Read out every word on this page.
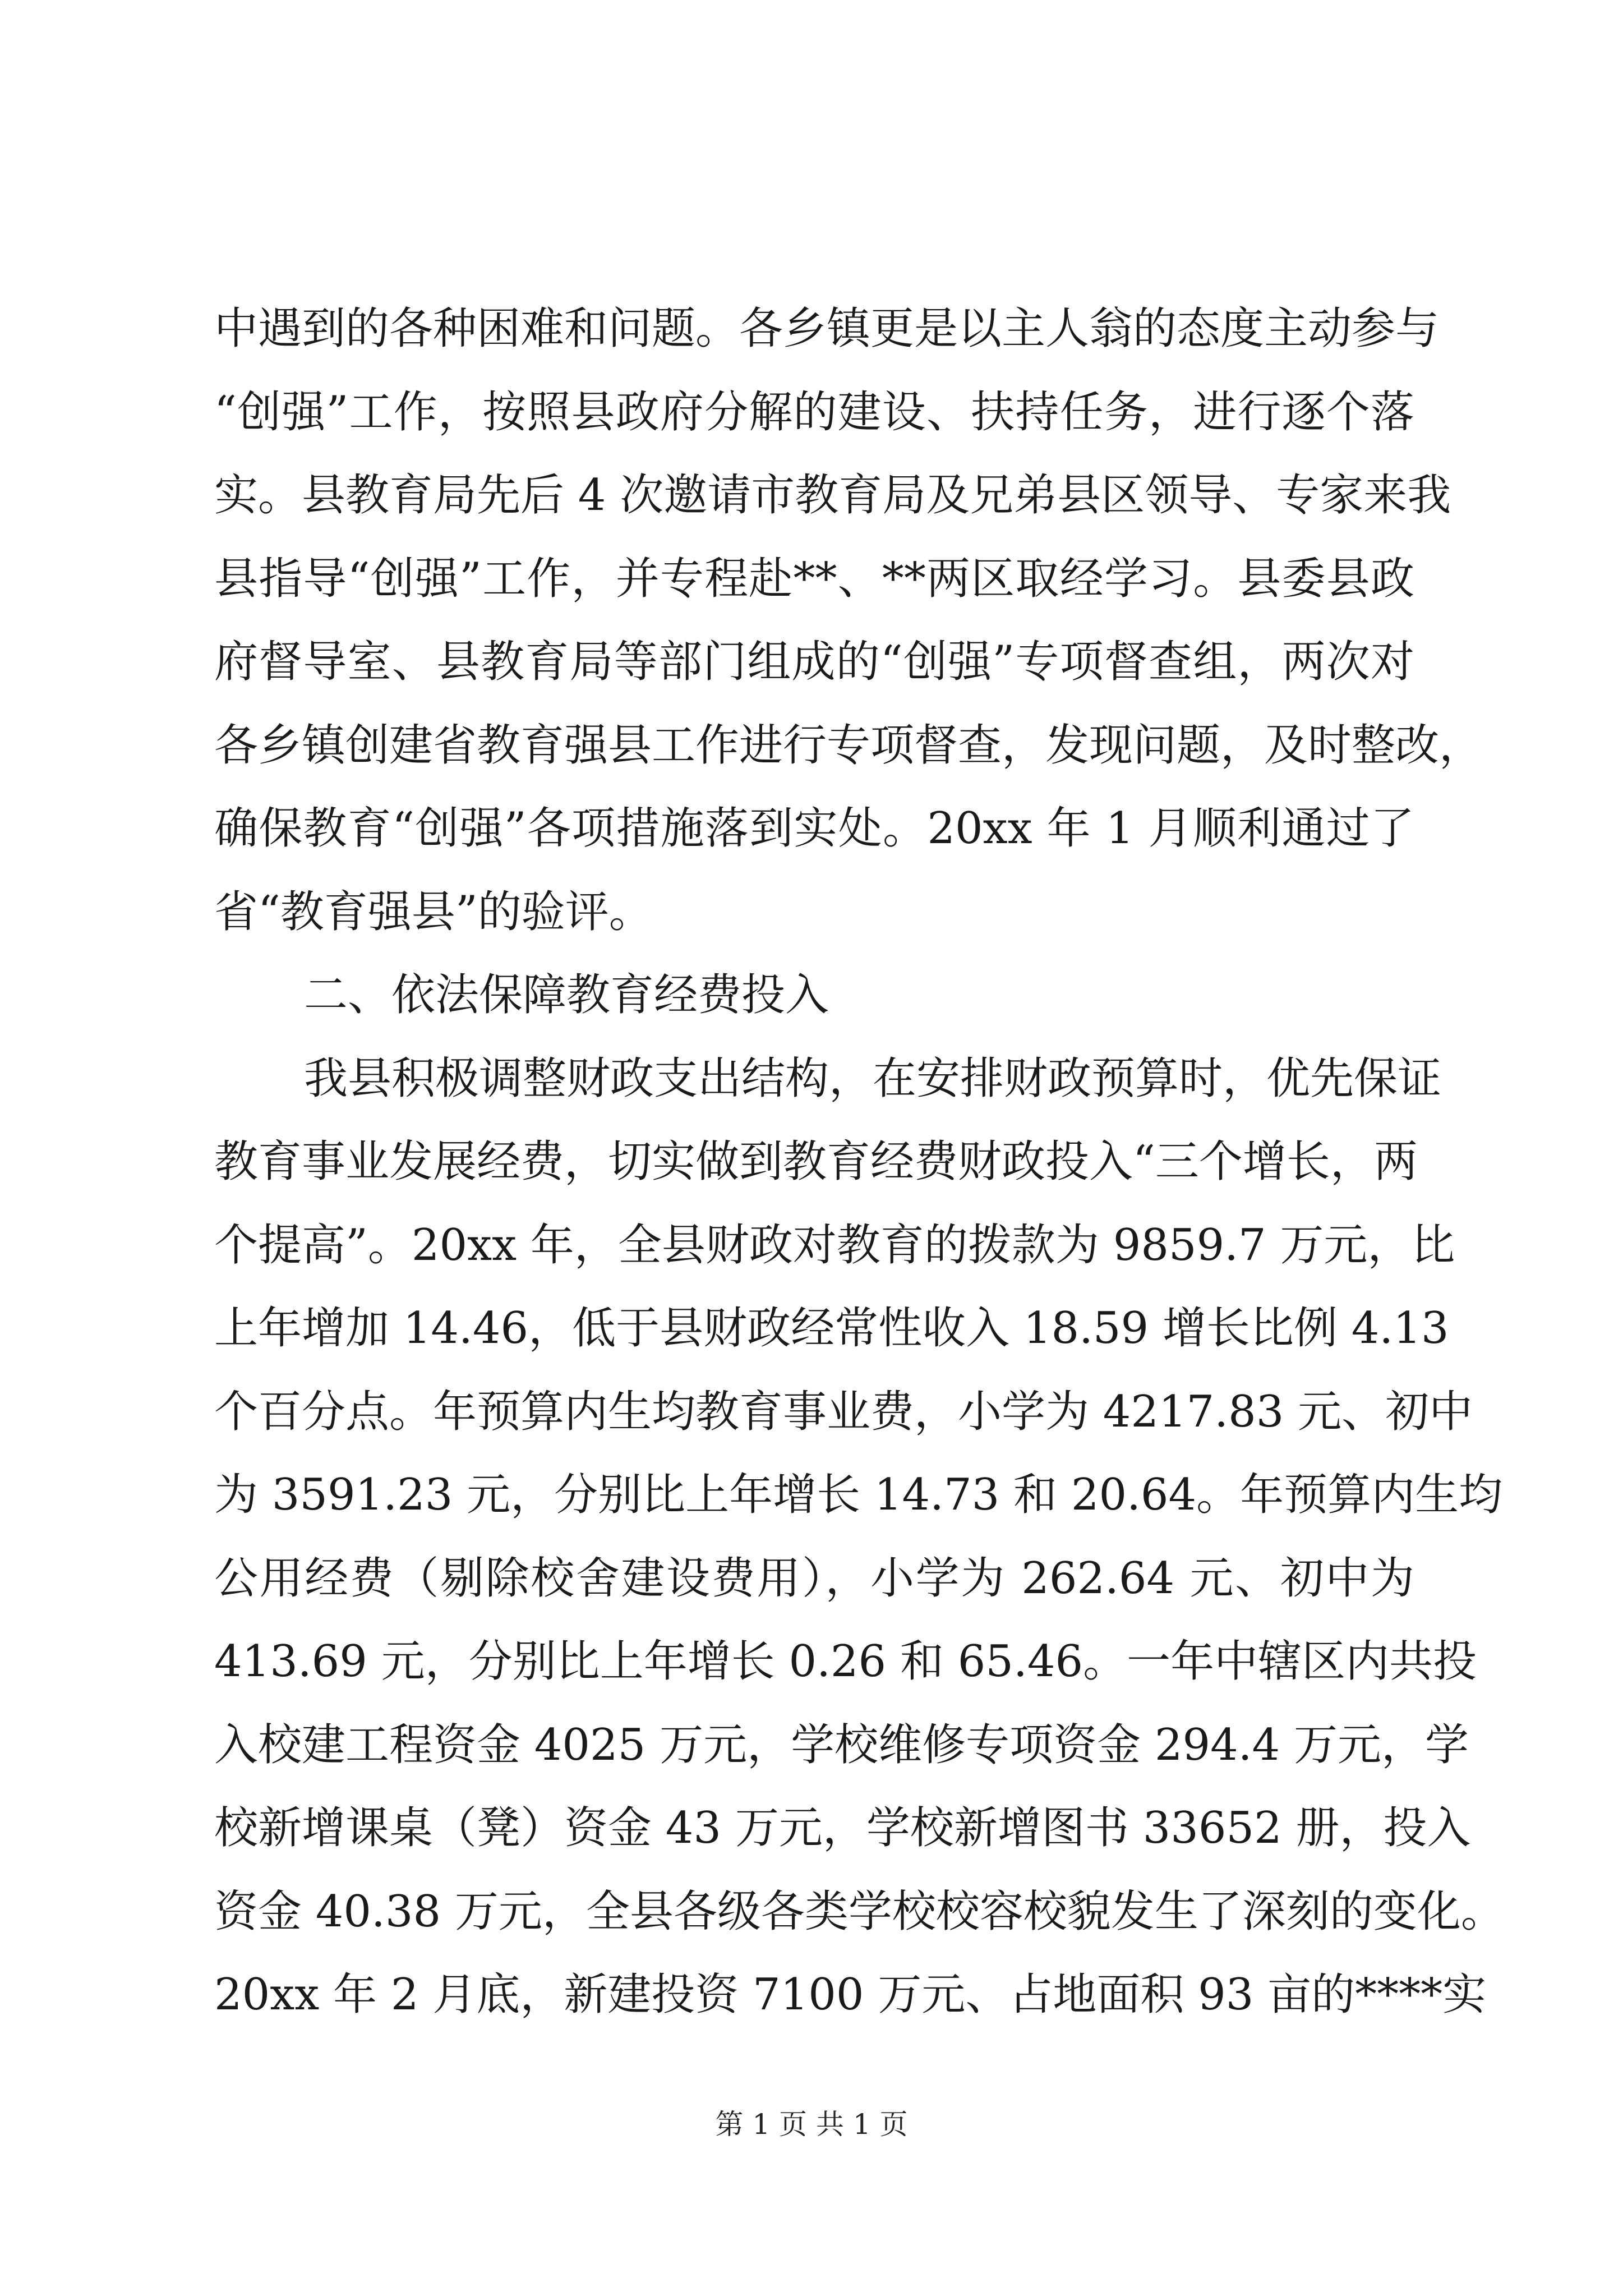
中遇到的各种困难和问题。各乡镇更是以主人翁的态度主动参与
“创强”工作，按照县政府分解的建设、扶持任务，进行逐个落
实。县教育局先后 4 次邀请市教育局及兄弟县区领导、专家来我
县指导“创强”工作，并专程赴**、**两区取经学习。县委县政
府督导室、县教育局等部门组成的“创强”专项督查组，两次对
各乡镇创建省教育强县工作进行专项督查，发现问题，及时整改，
确保教育“创强”各项措施落到实处。20xx 年 1 月顺利通过了
省“教育强县”的验评。
二、依法保障教育经费投入
我县积极调整财政支出结构，在安排财政预算时，优先保证
教育事业发展经费，切实做到教育经费财政投入“三个增长，两
个提高”。20xx 年，全县财政对教育的拨款为 9859.7 万元，比
上年增加 14.46，低于县财政经常性收入 18.59 增长比例 4.13
个百分点。年预算内生均教育事业费，小学为 4217.83 元、初中
为 3591.23 元，分别比上年增长 14.73 和 20.64。年预算内生均
公用经费（剔除校舍建设费用），小学为 262.64 元、初中为
413.69 元，分别比上年增长 0.26 和 65.46。一年中辖区内共投
入校建工程资金 4025 万元，学校维修专项资金 294.4 万元，学
校新增课桌（凳）资金 43 万元，学校新增图书 33652 册，投入
资金 40.38 万元，全县各级各类学校校容校貌发生了深刻的变化。
20xx 年 2 月底，新建投资 7100 万元、占地面积 93 亩的****实
第 1 页 共 1 页
